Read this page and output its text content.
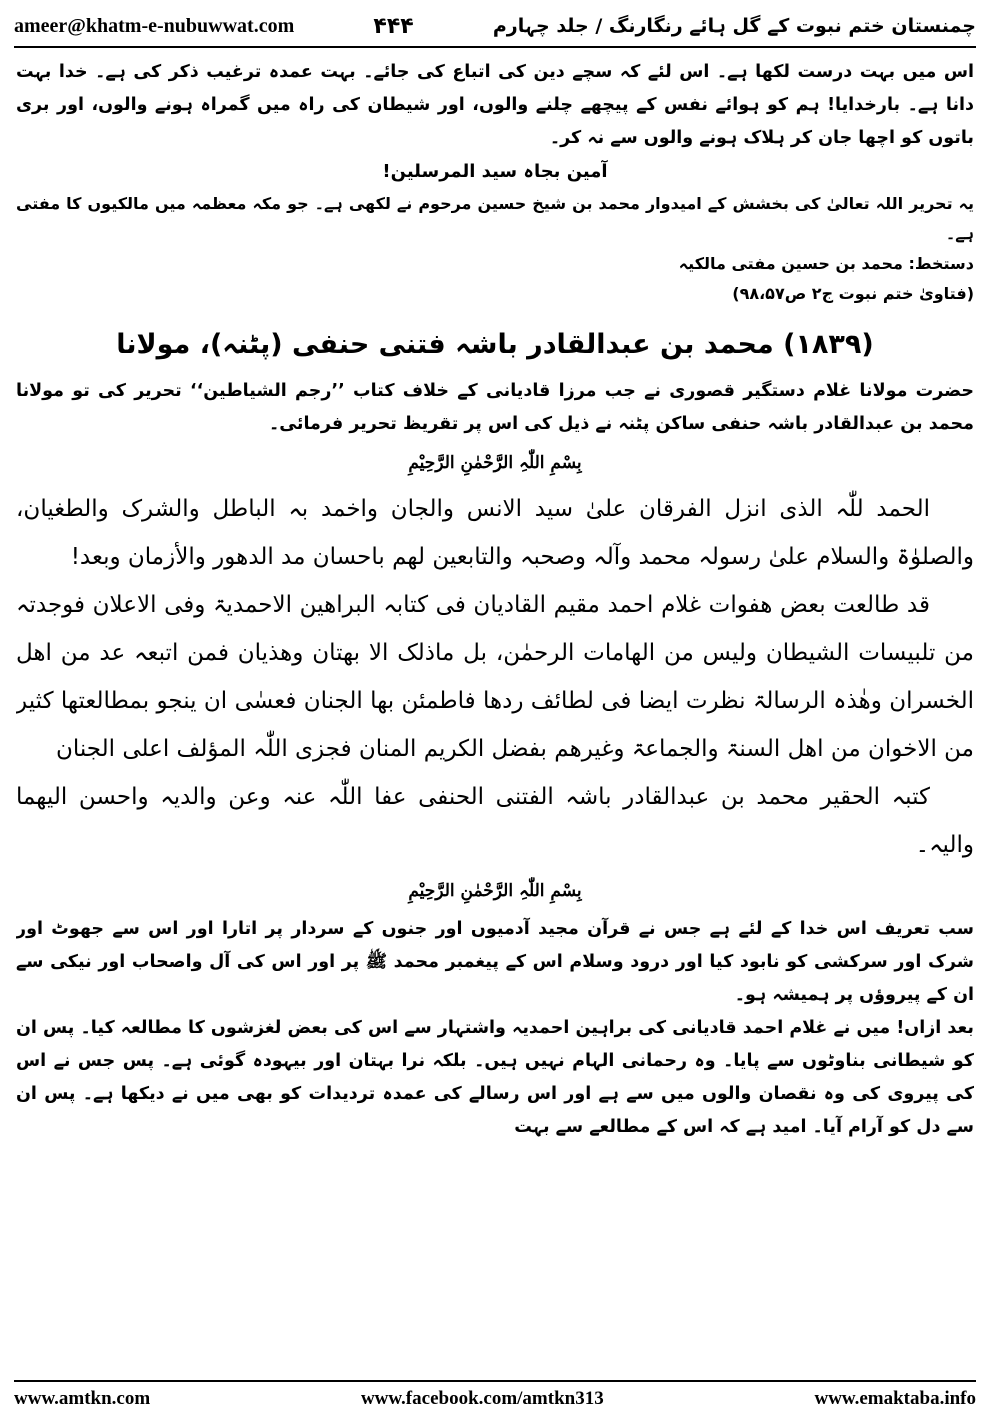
ameer@khatm-e-nubuwwat.com	۴۴۴	چمنستان ختم نبوت کے گل ہائے رنگارنگ / جلد چہارم

اس میں بہت درست لکھا ہے۔ اس لئے کہ سچے دین کی اتباع کی جائے۔ بہت عمدہ ترغیب ذکر کی ہے۔ خدا بہت دانا ہے۔ بارخدایا! ہم کو ہوائے نفس کے پیچھے چلنے والوں، اور شیطان کی راہ میں گمراہ ہونے والوں، اور بری باتوں کو اچھا جان کر ہلاک ہونے والوں سے نہ کر۔

آمین بجاہ سید المرسلین!

یہ تحریر اللہ تعالیٰ کی بخشش کے امیدوار محمد بن شیخ حسین مرحوم نے لکھی ہے۔ جو مکہ معظمہ میں مالکیوں کا مفتی ہے۔

دستخط: محمد بن حسین مفتی مالکیہ

(فتاویٰ ختم نبوت ج۲ ص۹۸،۵۷)

(۱۸۳۹) محمد بن عبدالقادر باشہ فتنی حنفی (پٹنہ)، مولانا

حضرت مولانا غلام دستگیر قصوری نے جب مرزا قادیانی کے خلاف کتاب ’’رجم الشیاطین‘‘ تحریر کی تو مولانا محمد بن عبدالقادر باشہ حنفی ساکن پٹنہ نے ذیل کی اس پر تقریظ تحریر فرمائی۔

بِسْمِ اللّٰہِ الرَّحْمٰنِ الرَّحِیْمِ

الحمد للّٰہ الذی انزل الفرقان علیٰ سید الانس والجان واخمد بہ الباطل والشرک والطغیان، والصلوٰۃ والسلام علیٰ رسولہ محمد وآلہ وصحبہ والتابعین لھم باحسان مد الدھور والأزمان وبعد!

قد طالعت بعض ھفوات غلام احمد مقیم القادیان فی کتابہ البراھین الاحمدیۃ وفی الاعلان فوجدتہ من تلبیسات الشیطان ولیس من الھامات الرحمٰن، بل ماذلک الا بھتان وھذیان فمن اتبعہ عد من اھل الخسران وھٰذہ الرسالۃ نظرت ایضا فی لطائف ردھا فاطمئن بھا الجنان فعسٰی ان ینجو بمطالعتھا کثیر من الاخوان من اھل السنۃ والجماعۃ وغیرھم بفضل الکریم المنان فجزی اللّٰہ المؤلف اعلی الجنان

کتبہ الحقیر محمد بن عبدالقادر باشہ الفتنی الحنفی عفا اللّٰہ عنہ وعن والدیہ واحسن الیھما والیہ۔

بِسْمِ اللّٰہِ الرَّحْمٰنِ الرَّحِیْمِ

سب تعریف اس خدا کے لئے ہے جس نے قرآن مجید آدمیوں اور جنوں کے سردار پر اتارا اور اس سے جھوٹ اور شرک اور سرکشی کو نابود کیا اور درود وسلام اس کے پیغمبر محمد ﷺ پر اور اس کی آل واصحاب اور نیکی سے ان کے پیروؤں پر ہمیشہ ہو۔

بعد ازاں! میں نے غلام احمد قادیانی کی براہین احمدیہ واشتہار سے اس کی بعض لغزشوں کا مطالعہ کیا۔ پس ان کو شیطانی بناوٹوں سے پایا۔ وہ رحمانی الہام نہیں ہیں۔ بلکہ نرا بہتان اور بیہودہ گوئی ہے۔ پس جس نے اس کی پیروی کی وہ نقصان والوں میں سے ہے اور اس رسالے کی عمدہ تردیدات کو بھی میں نے دیکھا ہے۔ پس ان سے دل کو آرام آیا۔ امید ہے کہ اس کے مطالعے سے بہت

www.amtkn.com	www.facebook.com/amtkn313	www.emaktaba.info
